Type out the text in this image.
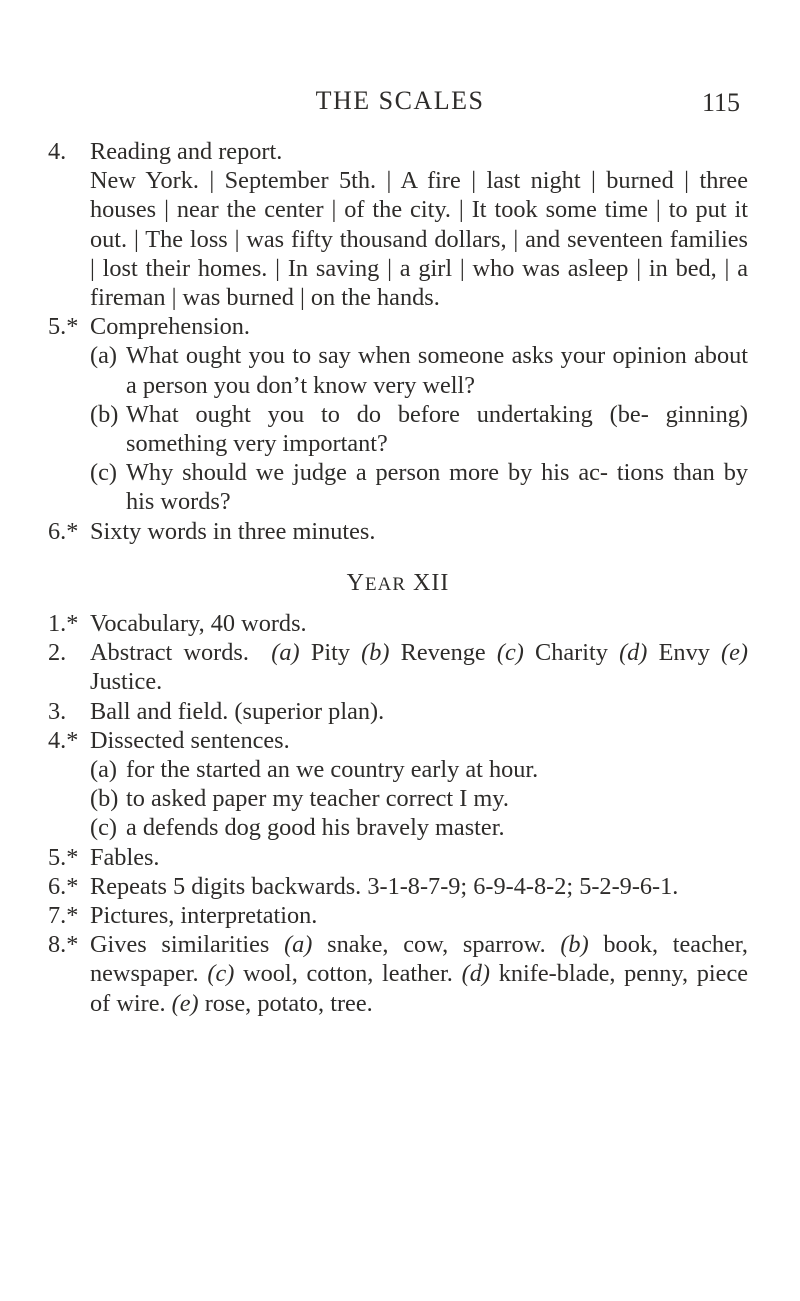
THE SCALES	115
4. Reading and report.

New York. | September 5th. | A fire | last night | burned | three houses | near the center | of the city. | It took some time | to put it out. | The loss | was fifty thousand dollars, | and seventeen families | lost their homes. | In saving | a girl | who was asleep | in bed, | a fireman | was burned | on the hands.

5.* Comprehension.

(a) What ought you to say when someone asks your opinion about a person you don’t know very well?

(b) What ought you to do before undertaking (be- ginning) something very important?

(c) Why should we judge a person more by his ac- tions than by his words?

6.* Sixty words in three minutes.

YEAR XII
1.* Vocabulary, 40 words.

2. Abstract words. (a) Pity (b) Revenge (c) Charity (d) Envy (e) Justice.

3. Ball and field. (superior plan).

4.* Dissected sentences.

(a) for the started an we country early at hour.

(b) to asked paper my teacher correct I my.

(c) a defends dog good his bravely master.

5.* Fables.

6.* Repeats 5 digits backwards. 3-1-8-7-9; 6-9-4-8-2; 5-2-9-6-1.

7.* Pictures, interpretation.

8.* Gives similarities (a) snake, cow, sparrow. (b) book, teacher, newspaper. (c) wool, cotton, leather. (d) knife-blade, penny, piece of wire. (e) rose, potato, tree.
